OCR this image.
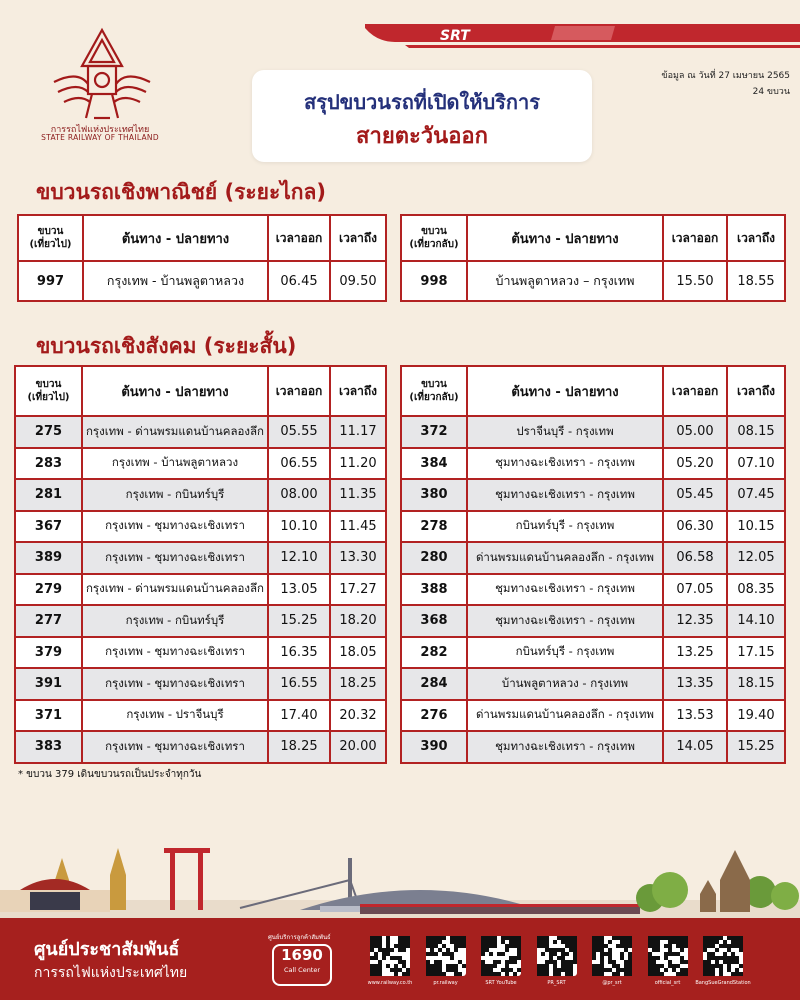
การรถไฟแห่งประเทศไทย
STATE RAILWAY OF THAILAND
SRT
สรุปขบวนรถที่เปิดให้บริการ
สายตะวันออก
ข้อมูล ณ วันที่ 27 เมษายน 2565
24 ขบวน
ขบวนรถเชิงพาณิชย์ (ระยะไกล)
ขบวน
(เที่ยวไป)	ต้นทาง - ปลายทาง	เวลาออก	เวลาถึง
997	กรุงเทพ - บ้านพลูตาหลวง	06.45	09.50
ขบวน
(เที่ยวกลับ)	ต้นทาง - ปลายทาง	เวลาออก	เวลาถึง
998	บ้านพลูตาหลวง – กรุงเทพ	15.50	18.55
ขบวนรถเชิงสังคม (ระยะสั้น)
ขบวน
(เที่ยวไป)	ต้นทาง - ปลายทาง	เวลาออก	เวลาถึง
275	กรุงเทพ - ด่านพรมแดนบ้านคลองลึก	05.55	11.17
283	กรุงเทพ - บ้านพลูตาหลวง	06.55	11.20
281	กรุงเทพ - กบินทร์บุรี	08.00	11.35
367	กรุงเทพ - ชุมทางฉะเชิงเทรา	10.10	11.45
389	กรุงเทพ - ชุมทางฉะเชิงเทรา	12.10	13.30
279	กรุงเทพ - ด่านพรมแดนบ้านคลองลึก	13.05	17.27
277	กรุงเทพ - กบินทร์บุรี	15.25	18.20
379	กรุงเทพ - ชุมทางฉะเชิงเทรา	16.35	18.05
391	กรุงเทพ - ชุมทางฉะเชิงเทรา	16.55	18.25
371	กรุงเทพ - ปราจีนบุรี	17.40	20.32
383	กรุงเทพ - ชุมทางฉะเชิงเทรา	18.25	20.00
ขบวน
(เที่ยวกลับ)	ต้นทาง - ปลายทาง	เวลาออก	เวลาถึง
372	ปราจีนบุรี - กรุงเทพ	05.00	08.15
384	ชุมทางฉะเชิงเทรา - กรุงเทพ	05.20	07.10
380	ชุมทางฉะเชิงเทรา - กรุงเทพ	05.45	07.45
278	กบินทร์บุรี - กรุงเทพ	06.30	10.15
280	ด่านพรมแดนบ้านคลองลึก - กรุงเทพ	06.58	12.05
388	ชุมทางฉะเชิงเทรา - กรุงเทพ	07.05	08.35
368	ชุมทางฉะเชิงเทรา - กรุงเทพ	12.35	14.10
282	กบินทร์บุรี - กรุงเทพ	13.25	17.15
284	บ้านพลูตาหลวง - กรุงเทพ	13.35	18.15
276	ด่านพรมแดนบ้านคลองลึก - กรุงเทพ	13.53	19.40
390	ชุมทางฉะเชิงเทรา - กรุงเทพ	14.05	15.25
* ขบวน 379 เดินขบวนรถเป็นประจำทุกวัน
ศูนย์ประชาสัมพันธ์
การรถไฟแห่งประเทศไทย
ศูนย์บริการลูกค้าสัมพันธ์
1690
Call Center
www.railway.co.th	pr.railway	SRT YouTube	PR_SRT	@pr_srt	official_srt	BangSueGrandStation
